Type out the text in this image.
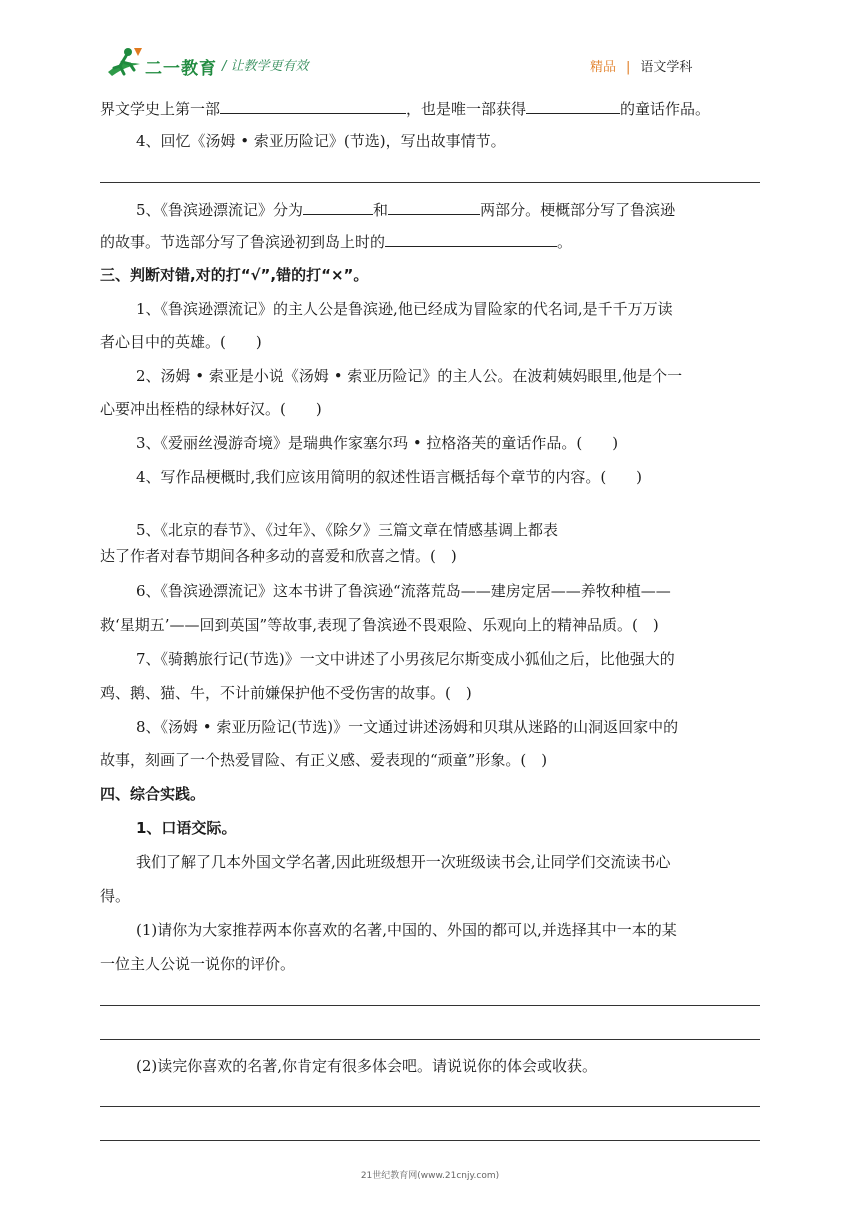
二一教育 / 让教学更有效	精品 | 语文学科
界文学史上第一部	，也是唯一部获得	的童话作品。
4、回忆《汤姆 • 索亚历险记》(节选)，写出故事情节。
5、《鲁滨逊漂流记》分为	和	两部分。梗概部分写了鲁滨逊
的故事。节选部分写了鲁滨逊初到岛上时的	。
三、判断对错,对的打“√”,错的打“×”。
1、《鲁滨逊漂流记》的主人公是鲁滨逊,他已经成为冒险家的代名词,是千千万万读
者心目中的英雄。(　　)
2、汤姆 • 索亚是小说《汤姆 • 索亚历险记》的主人公。在波莉姨妈眼里,他是个一
心要冲出桎梏的绿林好汉。(　　)
3、《爱丽丝漫游奇境》是瑞典作家塞尔玛 • 拉格洛芙的童话作品。(　　)
4、写作品梗概时,我们应该用简明的叙述性语言概括每个章节的内容。(　　)
5、《北京的春节》、《过年》、《除夕》三篇文章在情感基调上都表
达了作者对春节期间各种多动的喜爱和欣喜之情。(　)
6、《鲁滨逊漂流记》这本书讲了鲁滨逊“流落荒岛——建房定居——养牧种植——
救‘星期五’——回到英国”等故事,表现了鲁滨逊不畏艰险、乐观向上的精神品质。(　)
7、《骑鹅旅行记(节选)》一文中讲述了小男孩尼尔斯变成小狐仙之后，比他强大的
鸡、鹅、猫、牛，不计前嫌保护他不受伤害的故事。(　)
8、《汤姆 • 索亚历险记(节选)》一文通过讲述汤姆和贝琪从迷路的山洞返回家中的
故事，刻画了一个热爱冒险、有正义感、爱表现的“顽童”形象。(　)
四、综合实践。
1、口语交际。
我们了解了几本外国文学名著,因此班级想开一次班级读书会,让同学们交流读书心
得。
(1)请你为大家推荐两本你喜欢的名著,中国的、外国的都可以,并选择其中一本的某
一位主人公说一说你的评价。
(2)读完你喜欢的名著,你肯定有很多体会吧。请说说你的体会或收获。
21世纪教育网(www.21cnjy.com)
